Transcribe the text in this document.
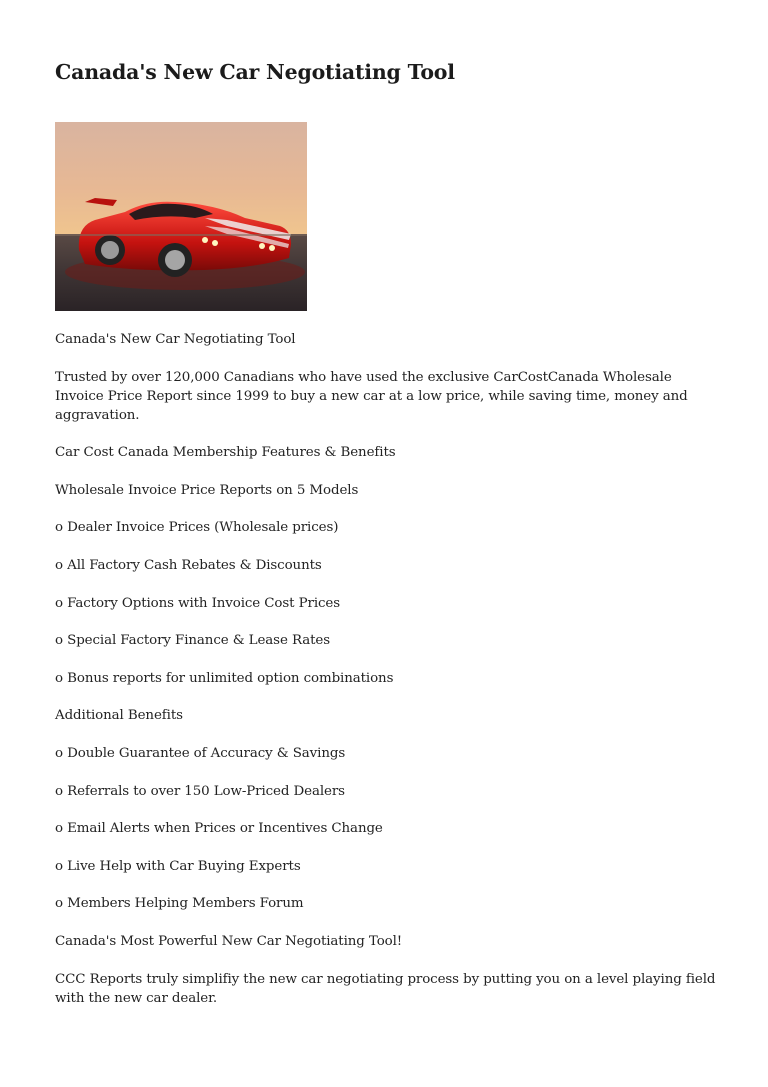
Canada's New Car Negotiating Tool

Canada's New Car Negotiating Tool

Trusted by over 120,000 Canadians who have used the exclusive CarCostCanada Wholesale Invoice Price Report since 1999 to buy a new car at a low price, while saving time, money and aggravation.

Car Cost Canada Membership Features & Benefits

Wholesale Invoice Price Reports on 5 Models

o Dealer Invoice Prices (Wholesale prices)

o All Factory Cash Rebates & Discounts

o Factory Options with Invoice Cost Prices

o Special Factory Finance & Lease Rates

o Bonus reports for unlimited option combinations

Additional Benefits

o Double Guarantee of Accuracy & Savings

o Referrals to over 150 Low-Priced Dealers

o Email Alerts when Prices or Incentives Change

o Live Help with Car Buying Experts

o Members Helping Members Forum

Canada's Most Powerful New Car Negotiating Tool!

CCC Reports truly simplifiy the new car negotiating process by putting you on a level playing field with the new car dealer.
